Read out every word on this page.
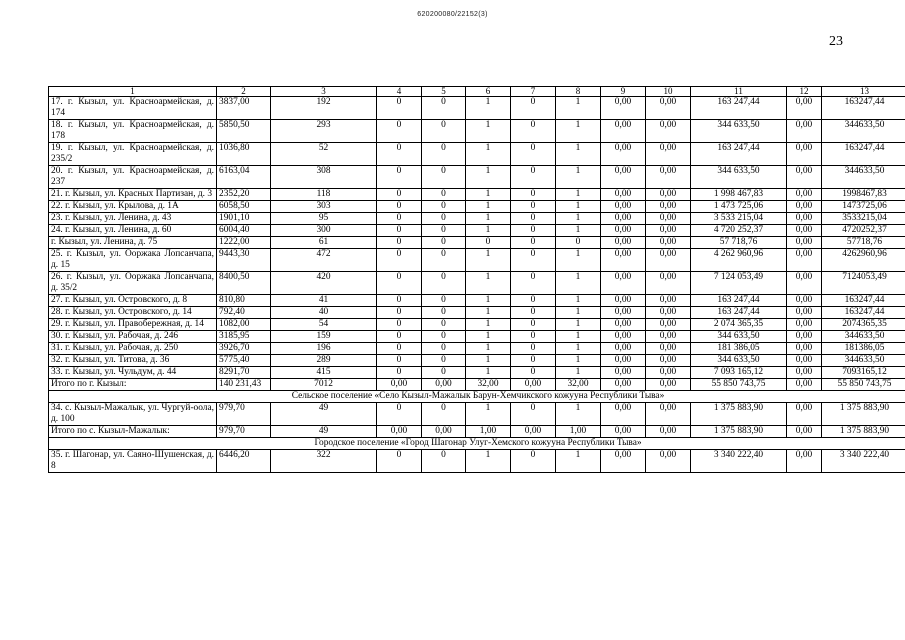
620200080/22152(3)
23
1	2	3	4	5	6	7	8	9	10	11	12	13
17. г. Кызыл, ул. Красноармейская, д. 174	3837,00	192	0	0	1	0	1	0,00	0,00	163 247,44	0,00	163247,44
18. г. Кызыл, ул. Красноармейская, д. 178	5850,50	293	0	0	1	0	1	0,00	0,00	344 633,50	0,00	344633,50
19. г. Кызыл, ул. Красноармейская, д. 235/2	1036,80	52	0	0	1	0	1	0,00	0,00	163 247,44	0,00	163247,44
20. г. Кызыл, ул. Красноармейская, д. 237	6163,04	308	0	0	1	0	1	0,00	0,00	344 633,50	0,00	344633,50
21. г. Кызыл, ул. Красных Партизан, д. 3	2352,20	118	0	0	1	0	1	0,00	0,00	1 998 467,83	0,00	1998467,83
22. г. Кызыл, ул. Крылова, д. 1А	6058,50	303	0	0	1	0	1	0,00	0,00	1 473 725,06	0,00	1473725,06
23. г. Кызыл, ул. Ленина, д. 43	1901,10	95	0	0	1	0	1	0,00	0,00	3 533 215,04	0,00	3533215,04
24. г. Кызыл, ул. Ленина, д. 60	6004,40	300	0	0	1	0	1	0,00	0,00	4 720 252,37	0,00	4720252,37
г. Кызыл, ул. Ленина, д. 75	1222,00	61	0	0	0	0	0	0,00	0,00	57 718,76	0,00	57718,76
25. г. Кызыл, ул. Ооржака Лопсанчапа, д. 15	9443,30	472	0	0	1	0	1	0,00	0,00	4 262 960,96	0,00	4262960,96
26. г. Кызыл, ул. Ооржака Лопсанчапа, д. 35/2	8400,50	420	0	0	1	0	1	0,00	0,00	7 124 053,49	0,00	7124053,49
27. г. Кызыл, ул. Островского, д. 8	810,80	41	0	0	1	0	1	0,00	0,00	163 247,44	0,00	163247,44
28. г. Кызыл, ул. Островского, д. 14	792,40	40	0	0	1	0	1	0,00	0,00	163 247,44	0,00	163247,44
29. г. Кызыл, ул. Правобережная, д. 14	1082,00	54	0	0	1	0	1	0,00	0,00	2 074 365,35	0,00	2074365,35
30. г. Кызыл, ул. Рабочая, д. 246	3185,95	159	0	0	1	0	1	0,00	0,00	344 633,50	0,00	344633,50
31. г. Кызыл, ул. Рабочая, д. 250	3926,70	196	0	0	1	0	1	0,00	0,00	181 386,05	0,00	181386,05
32. г. Кызыл, ул. Титова, д. 36	5775,40	289	0	0	1	0	1	0,00	0,00	344 633,50	0,00	344633,50
33. г. Кызыл, ул. Чульдум, д. 44	8291,70	415	0	0	1	0	1	0,00	0,00	7 093 165,12	0,00	7093165,12
Итого по г. Кызыл:	140 231,43	7012	0,00	0,00	32,00	0,00	32,00	0,00	0,00	55 850 743,75	0,00	55 850 743,75
Сельское поселение «Село Кызыл-Мажалык Барун-Хемчикского кожууна Республики Тыва»												
34. с. Кызыл-Мажалык, ул. Чургуй-оола, д. 100	979,70	49	0	0	1	0	1	0,00	0,00	1 375 883,90	0,00	1 375 883,90
Итого по с. Кызыл-Мажалык:	979,70	49	0,00	0,00	1,00	0,00	1,00	0,00	0,00	1 375 883,90	0,00	1 375 883,90
Городское поселение «Город Шагонар Улуг-Хемского кожууна Республики Тыва»												
35. г. Шагонар, ул. Саяно-Шушенская, д. 8	6446,20	322	0	0	1	0	1	0,00	0,00	3 340 222,40	0,00	3 340 222,40
